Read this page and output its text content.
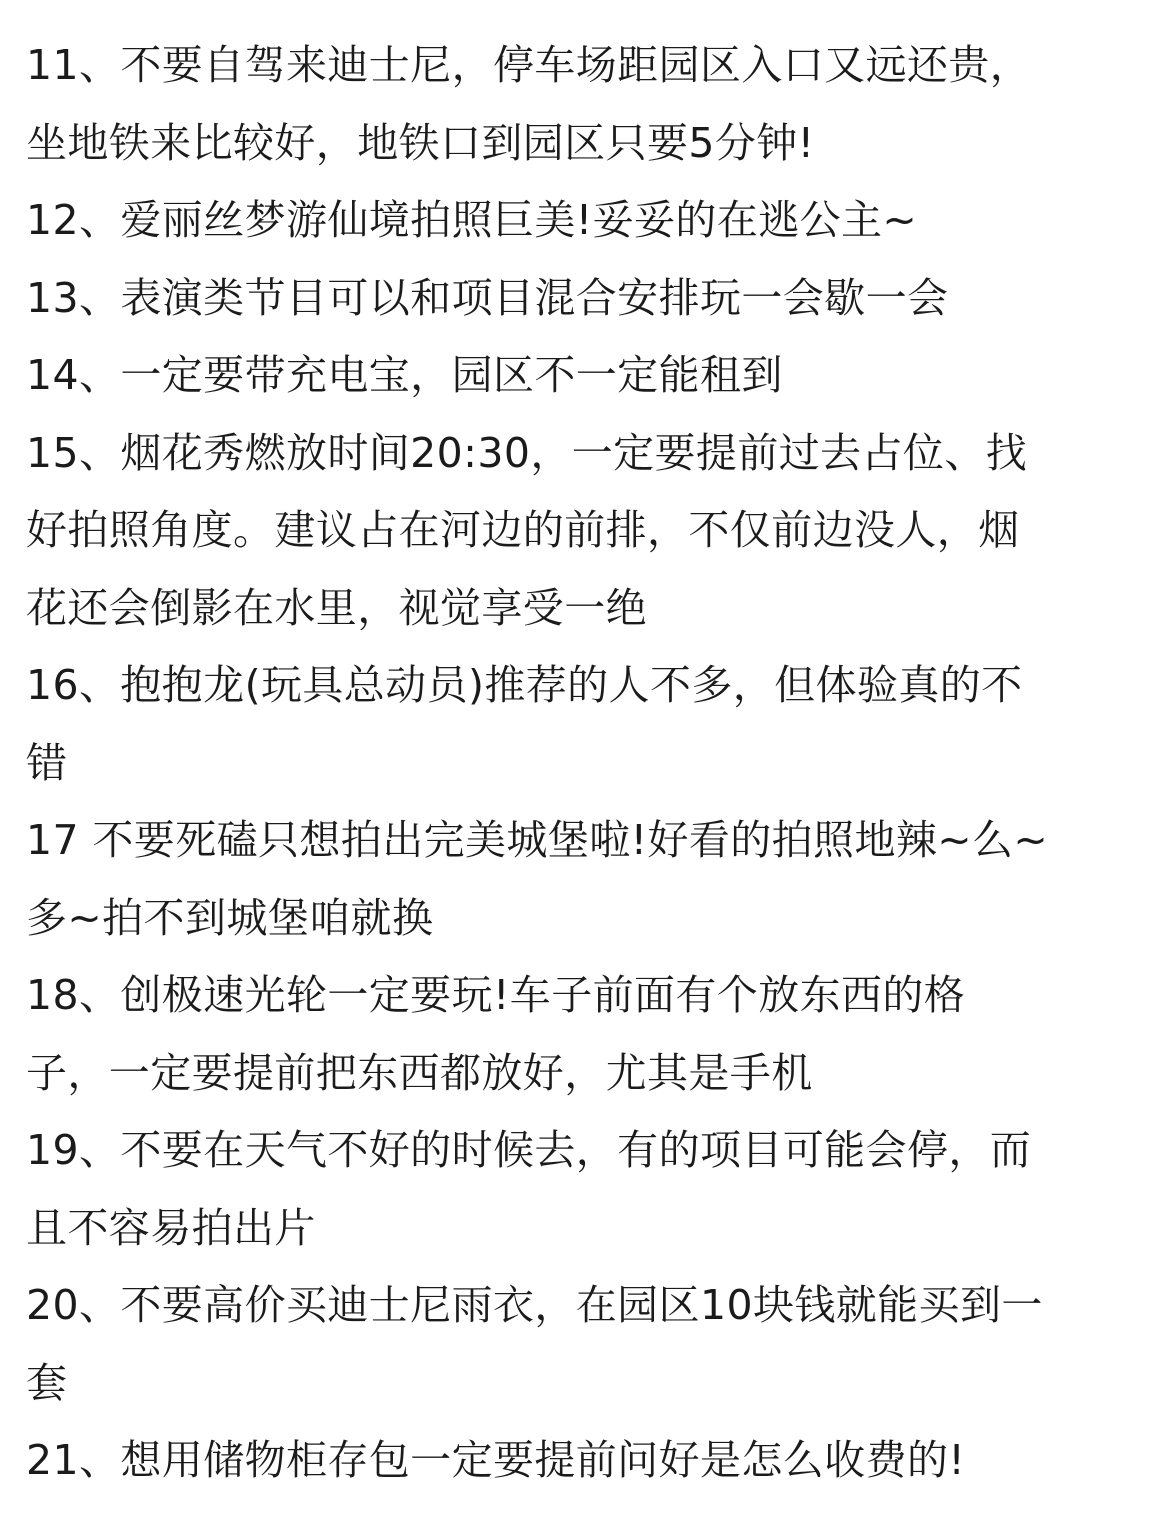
11、不要自驾来迪士尼，停车场距园区入口又远还贵，
坐地铁来比较好，地铁口到园区只要5分钟!
12、爱丽丝梦游仙境拍照巨美!妥妥的在逃公主~
13、表演类节目可以和项目混合安排玩一会歇一会
14、一定要带充电宝，园区不一定能租到
15、烟花秀燃放时间20:30，一定要提前过去占位、找
好拍照角度。建议占在河边的前排，不仅前边没人，烟
花还会倒影在水里，视觉享受一绝
16、抱抱龙(玩具总动员)推荐的人不多，但体验真的不
错
17 不要死磕只想拍出完美城堡啦!好看的拍照地辣~么~
多~拍不到城堡咱就换
18、创极速光轮一定要玩!车子前面有个放东西的格
子，一定要提前把东西都放好，尤其是手机
19、不要在天气不好的时候去，有的项目可能会停，而
且不容易拍出片
20、不要高价买迪士尼雨衣，在园区10块钱就能买到一
套
21、想用储物柜存包一定要提前问好是怎么收费的!
